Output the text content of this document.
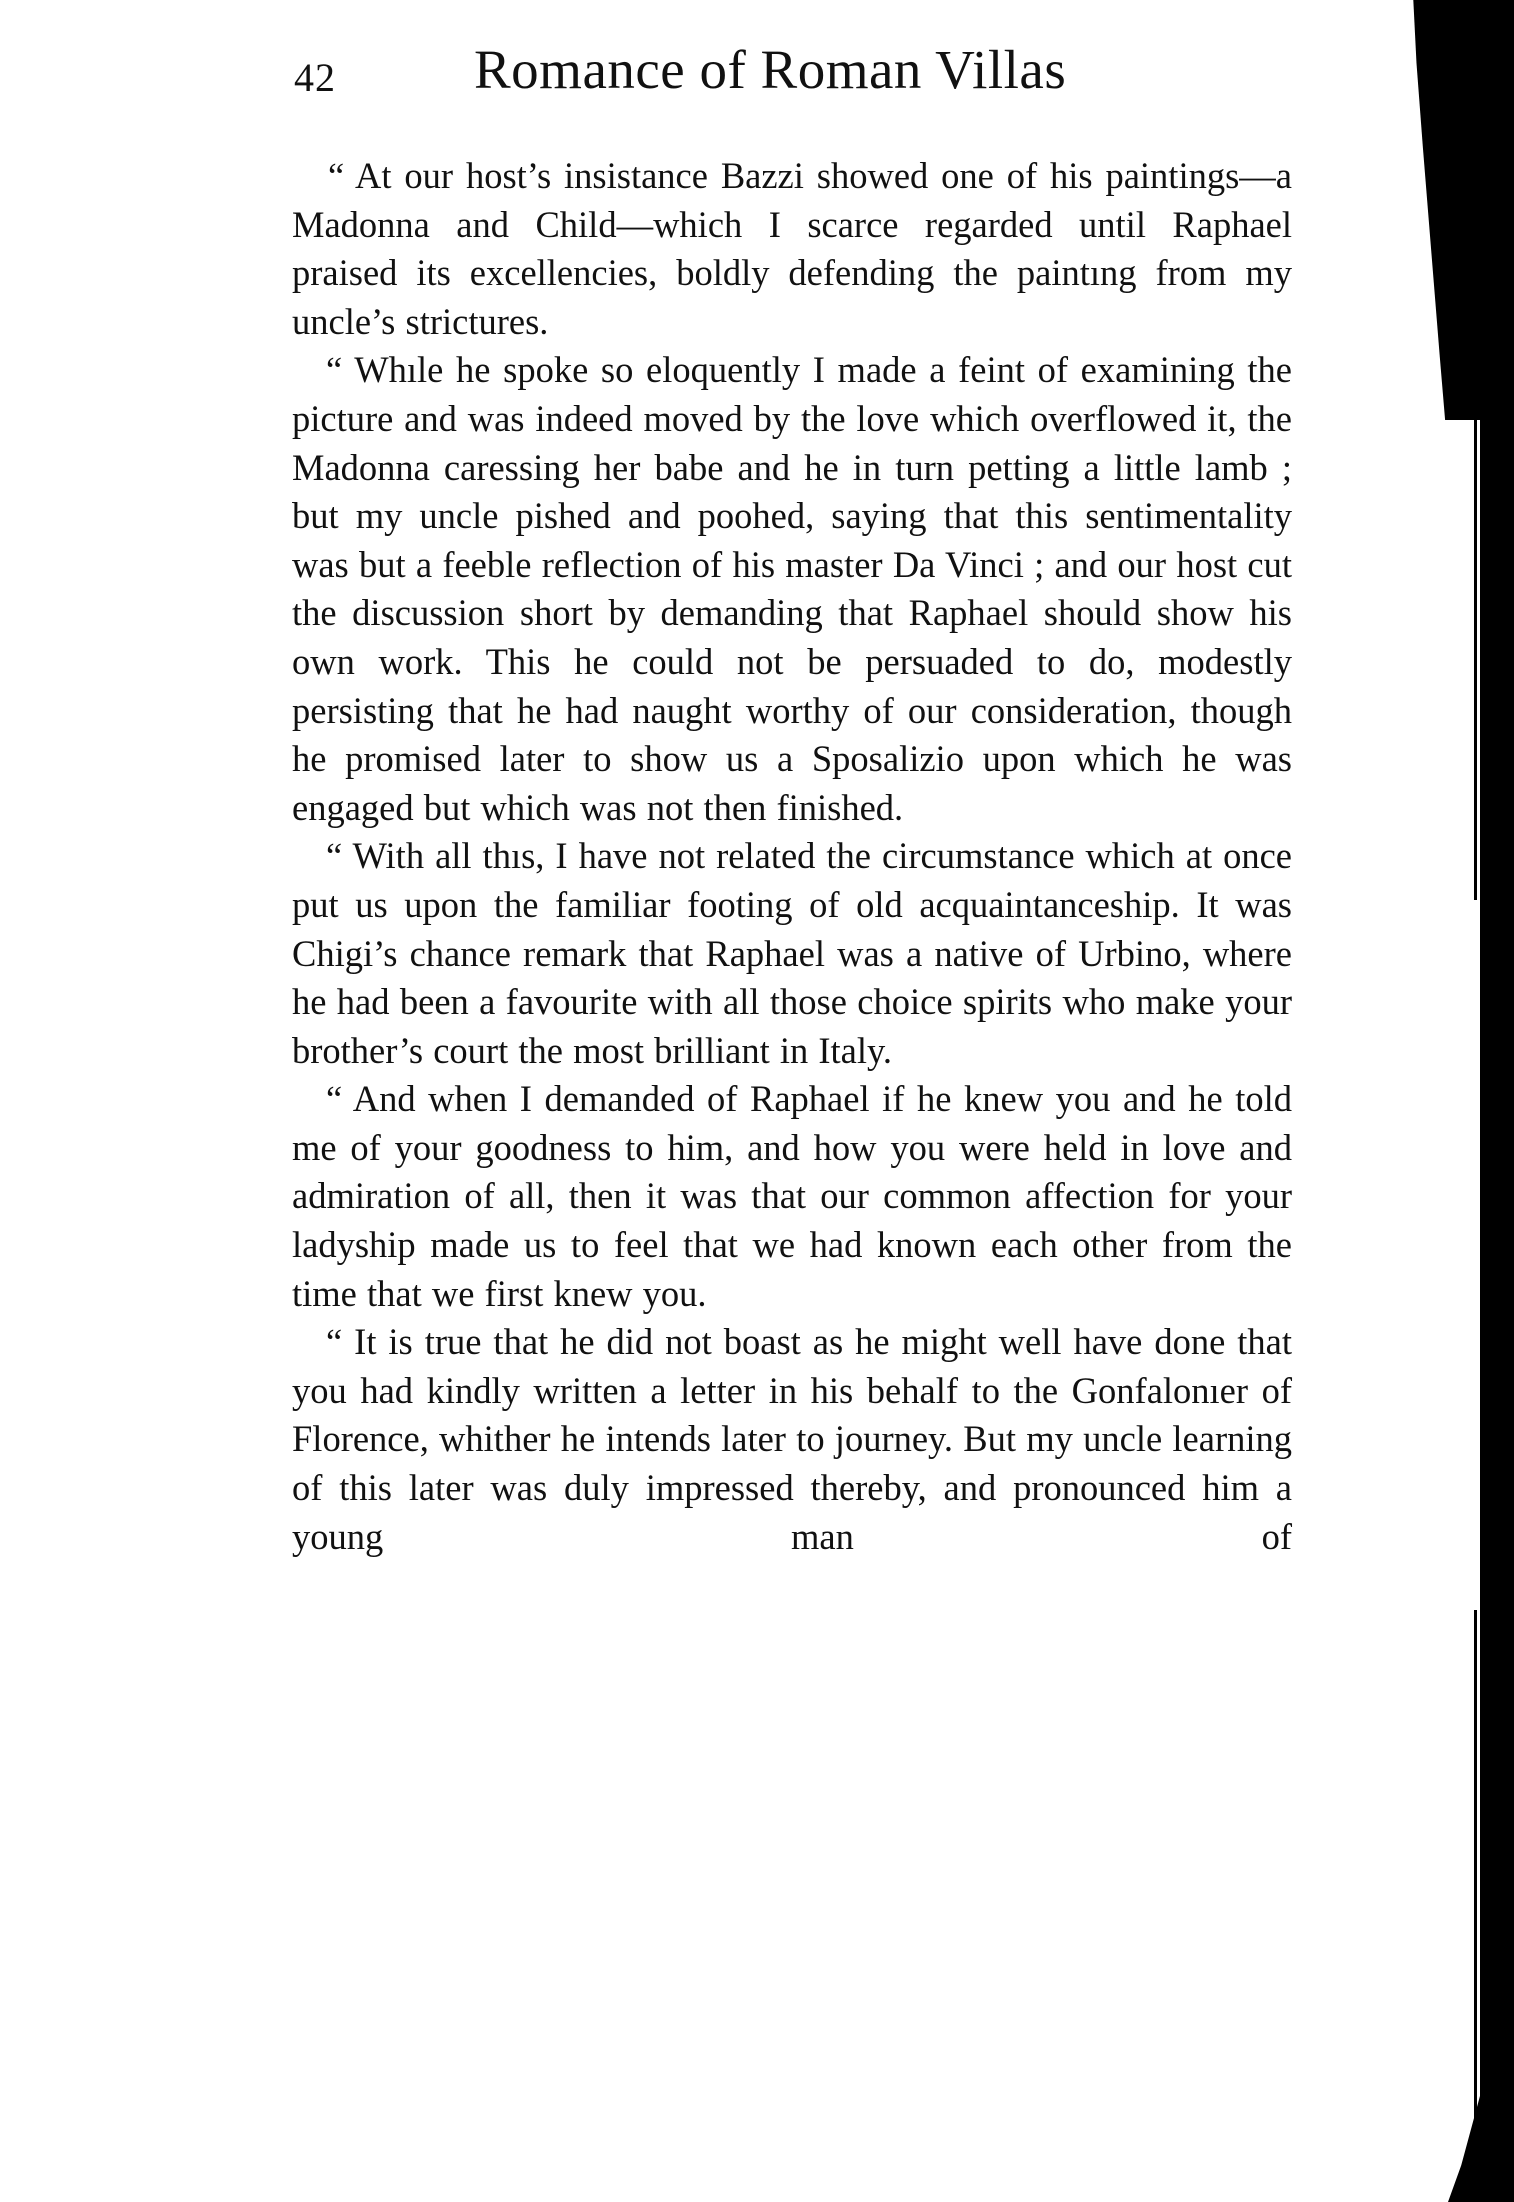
42	Romance of Roman Villas

“ At our host’s insistance Bazzi showed one of his paintings—a Madonna and Child—which I scarce regarded until Raphael praised its excellencies, boldly defending the paintıng from my uncle’s strictures.

“ Whıle he spoke so eloquently I made a feint of examining the picture and was indeed moved by the love which overflowed it, the Madonna caressing her babe and he in turn petting a little lamb ; but my uncle pished and poohed, saying that this sentimentality was but a feeble reflection of his master Da Vinci ; and our host cut the discussion short by demanding that Raphael should show his own work. This he could not be persuaded to do, modestly persisting that he had naught worthy of our consideration, though he promised later to show us a Sposalizio upon which he was engaged but which was not then finished.

“ With all thıs, I have not related the circumstance which at once put us upon the familiar footing of old acquaintanceship. It was Chigi’s chance remark that Raphael was a native of Urbino, where he had been a favourite with all those choice spirits who make your brother’s court the most brilliant in Italy.

“ And when I demanded of Raphael if he knew you and he told me of your goodness to him, and how you were held in love and admiration of all, then it was that our common affection for your ladyship made us to feel that we had known each other from the time that we first knew you.

“ It is true that he did not boast as he might well have done that you had kindly written a letter in his behalf to the Gonfalonıer of Florence, whither he intends later to journey. But my uncle learning of this later was duly impressed thereby, and pronounced him a young man of
